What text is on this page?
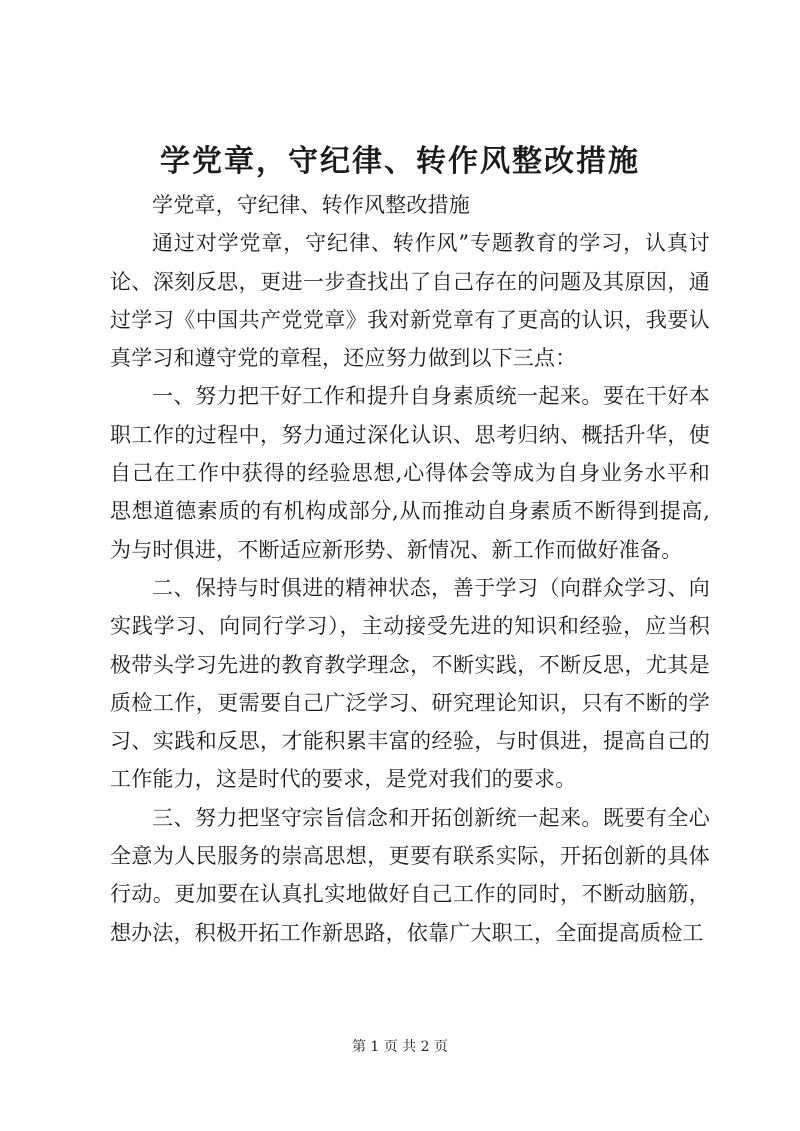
学党章，守纪律、转作风整改措施

学党章，守纪律、转作风整改措施

通过对学党章，守纪律、转作风”专题教育的学习，认真讨论、深刻反思，更进一步查找出了自己存在的问题及其原因，通过学习《中国共产党党章》我对新党章有了更高的认识，我要认真学习和遵守党的章程，还应努力做到以下三点：

一、努力把干好工作和提升自身素质统一起来。要在干好本职工作的过程中，努力通过深化认识、思考归纳、概括升华，使自己在工作中获得的经验思想,心得体会等成为自身业务水平和思想道德素质的有机构成部分,从而推动自身素质不断得到提高,为与时俱进，不断适应新形势、新情况、新工作而做好准备。

二、保持与时俱进的精神状态，善于学习（向群众学习、向实践学习、向同行学习），主动接受先进的知识和经验，应当积极带头学习先进的教育教学理念，不断实践，不断反思，尤其是质检工作，更需要自己广泛学习、研究理论知识，只有不断的学习、实践和反思，才能积累丰富的经验，与时俱进，提高自己的工作能力，这是时代的要求，是党对我们的要求。

三、努力把坚守宗旨信念和开拓创新统一起来。既要有全心全意为人民服务的崇高思想，更要有联系实际，开拓创新的具体行动。更加要在认真扎实地做好自己工作的同时，不断动脑筋，想办法，积极开拓工作新思路，依靠广大职工，全面提高质检工

第 1 页 共 2 页
